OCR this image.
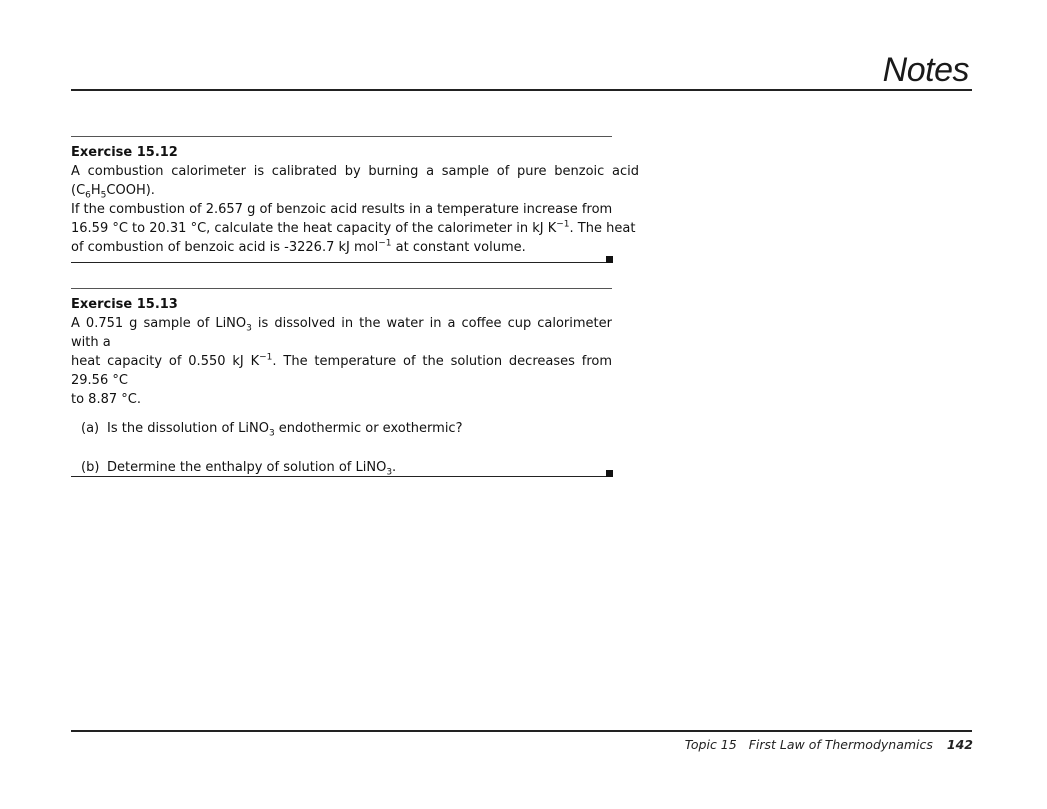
Notes
Exercise 15.12

A combustion calorimeter is calibrated by burning a sample of pure benzoic acid $(C_6H_5COOH)$.
If the combustion of 2.657 g of benzoic acid results in a temperature increase from
16.59 °C to 20.31 °C, calculate the heat capacity of the calorimeter in kJ $K^{-1}$. The heat
of combustion of benzoic acid is -3226.7 kJ mol$^{-1}$ at constant volume.

Exercise 15.13

A 0.751 g sample of LiNO$_3$ is dissolved in the water in a coffee cup calorimeter with a
heat capacity of 0.550 kJ $K^{-1}$. The temperature of the solution decreases from 29.56 °C
to 8.87 °C.

(a) Is the dissolution of LiNO$_3$ endothermic or exothermic?
(b) Determine the enthalpy of solution of LiNO$_3$.
Topic 15 First Law of Thermodynamics 142
